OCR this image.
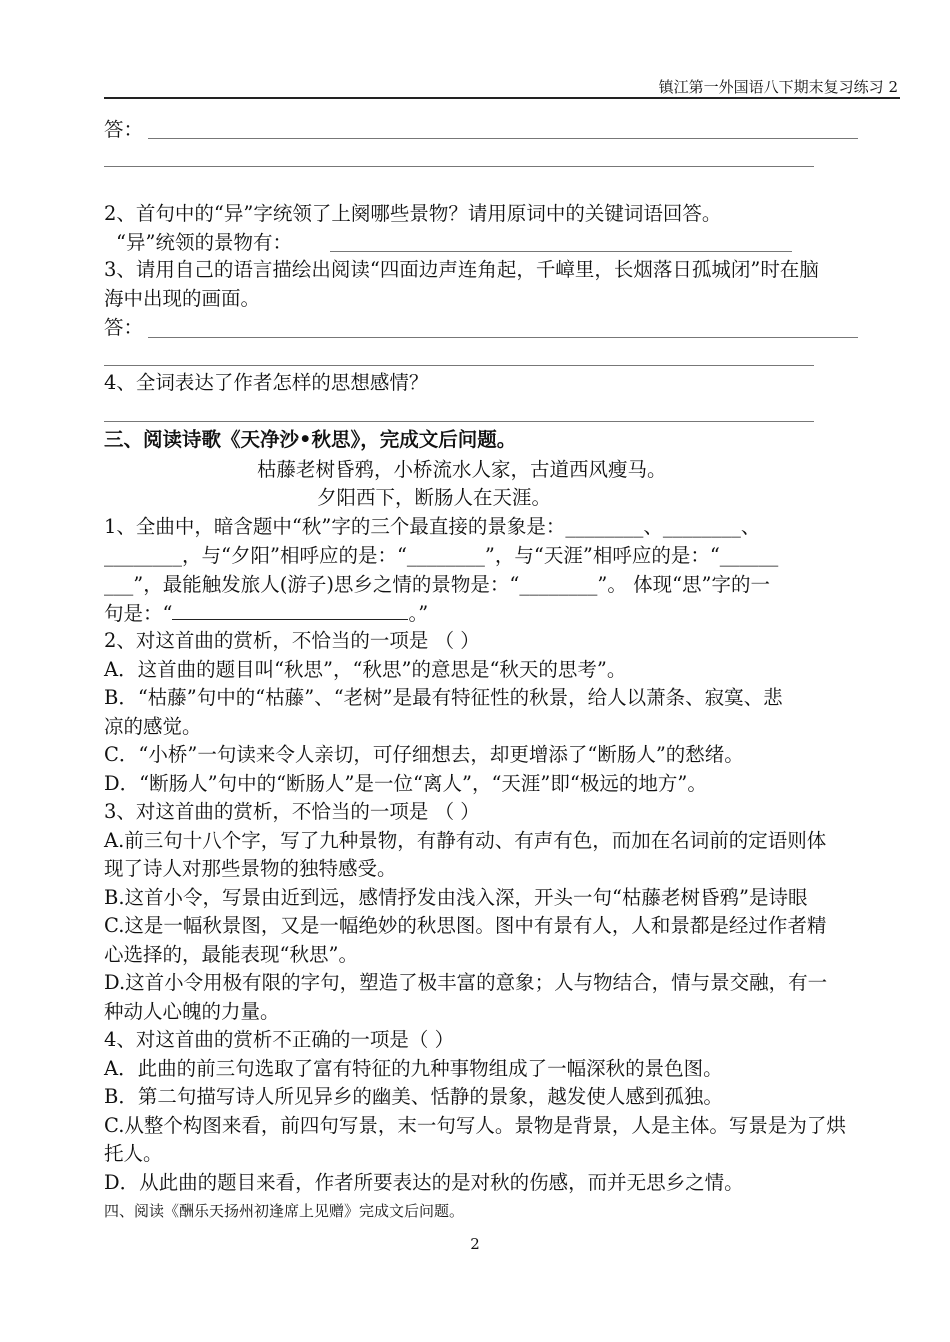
镇江第一外国语八下期末复习练习 2
答：
2、首句中的“异”字统领了上阕哪些景物？请用原词中的关键词语回答。
“异”统领的景物有：
3、请用自己的语言描绘出阅读“四面边声连角起，千嶂里，长烟落日孤城闭”时在脑
海中出现的画面。
答：
4、全词表达了作者怎样的思想感情？
三、阅读诗歌《天净沙•秋思》，完成文后问题。
枯藤老树昏鸦，小桥流水人家，古道西风瘦马。
夕阳西下，断肠人在天涯。
1、全曲中，暗含题中“秋”字的三个最直接的景象是：________、________、
________，与“夕阳”相呼应的是：“________”，与“天涯”相呼应的是：“______
___”，最能触发旅人(游子)思乡之情的景物是：“________”。 体现“思”字的一
句是：“	。”
2、对这首曲的赏析，不恰当的一项是 （ ）
A．这首曲的题目叫“秋思”，“秋思”的意思是“秋天的思考”。
B．“枯藤”句中的“枯藤”、“老树”是最有特征性的秋景，给人以萧条、寂寞、悲
凉的感觉。
C．“小桥”一句读来令人亲切，可仔细想去，却更增添了“断肠人”的愁绪。
D．“断肠人”句中的“断肠人”是一位“离人”，“天涯”即“极远的地方”。
3、对这首曲的赏析，不恰当的一项是 （ ）
A.前三句十八个字，写了九种景物，有静有动、有声有色，而加在名词前的定语则体
现了诗人对那些景物的独特感受。
B.这首小令，写景由近到远，感情抒发由浅入深，开头一句“枯藤老树昏鸦”是诗眼
C.这是一幅秋景图，又是一幅绝妙的秋思图。图中有景有人，人和景都是经过作者精
心选择的，最能表现“秋思”。
D.这首小令用极有限的字句，塑造了极丰富的意象；人与物结合，情与景交融，有一
种动人心魄的力量。
4、对这首曲的赏析不正确的一项是（ ）
A．此曲的前三句选取了富有特征的九种事物组成了一幅深秋的景色图。
B．第二句描写诗人所见异乡的幽美、恬静的景象，越发使人感到孤独。
C.从整个构图来看，前四句写景，末一句写人。景物是背景，人是主体。写景是为了烘
托人。
D．从此曲的题目来看，作者所要表达的是对秋的伤感，而并无思乡之情。
四、阅读《酬乐天扬州初逢席上见赠》完成文后问题。
2
